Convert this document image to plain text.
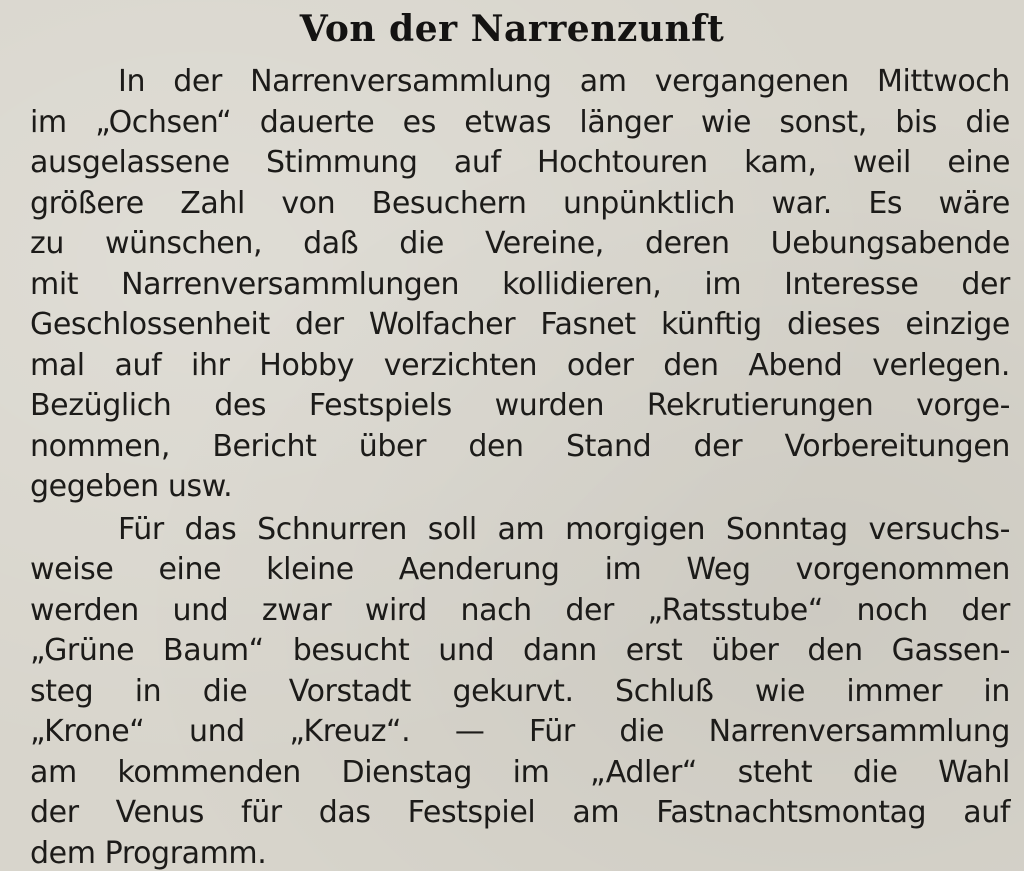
Von der Narrenzunft
In der Narrenversammlung am vergangenen Mittwoch
im „Ochsen“ dauerte es etwas länger wie sonst, bis die
ausgelassene Stimmung auf Hochtouren kam, weil eine
größere Zahl von Besuchern unpünktlich war. Es wäre
zu wünschen, daß die Vereine, deren Uebungsabende
mit Narrenversammlungen kollidieren, im Interesse der
Geschlossenheit der Wolfacher Fasnet künftig dieses einzige
mal auf ihr Hobby verzichten oder den Abend verlegen.
Bezüglich des Festspiels wurden Rekrutierungen vorge-
nommen, Bericht über den Stand der Vorbereitungen
gegeben usw.
Für das Schnurren soll am morgigen Sonntag versuchs-
weise eine kleine Aenderung im Weg vorgenommen
werden und zwar wird nach der „Ratsstube“ noch der
„Grüne Baum“ besucht und dann erst über den Gassen-
steg in die Vorstadt gekurvt. Schluß wie immer in
„Krone“ und „Kreuz“. — Für die Narrenversammlung
am kommenden Dienstag im „Adler“ steht die Wahl
der Venus für das Festspiel am Fastnachtsmontag auf
dem Programm.
